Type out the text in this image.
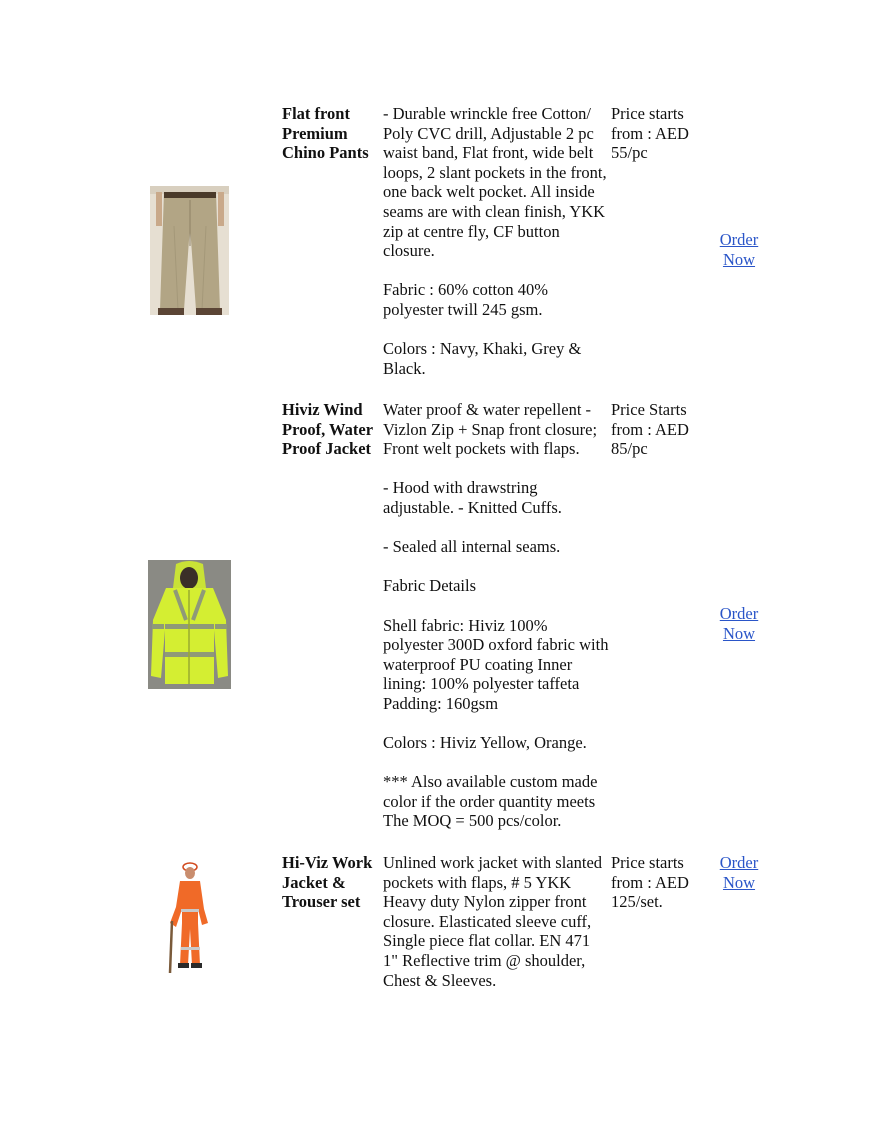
Flat front Premium Chino Pants

- Durable wrinckle free Cotton/ Poly CVC drill, Adjustable 2 pc waist band, Flat front, wide belt loops, 2 slant pockets in the front, one back welt pocket. All inside seams are with clean finish, YKK zip at centre fly, CF button closure.

Fabric : 60% cotton 40% polyester twill 245 gsm.

Colors : Navy, Khaki, Grey & Black.

Price starts from : AED 55/pc
Order Now
Hiviz Wind Proof, Water Proof Jacket

Water proof & water repellent - Vizlon Zip + Snap front closure; Front welt pockets with flaps.

- Hood with drawstring adjustable. - Knitted Cuffs.

- Sealed all internal seams.

Fabric Details

Shell fabric: Hiviz 100% polyester 300D oxford fabric with waterproof PU coating Inner lining: 100% polyester taffeta Padding: 160gsm

Colors : Hiviz Yellow, Orange.

*** Also available custom made color if the order quantity meets The MOQ = 500 pcs/color.

Price Starts from : AED 85/pc
Order Now
Hi-Viz Work Jacket & Trouser set

Unlined work jacket with slanted pockets with flaps, # 5 YKK Heavy duty Nylon zipper front closure. Elasticated sleeve cuff, Single piece flat collar. EN 471 1" Reflective trim @ shoulder, Chest & Sleeves.

Price starts from : AED 125/set.
Order Now
